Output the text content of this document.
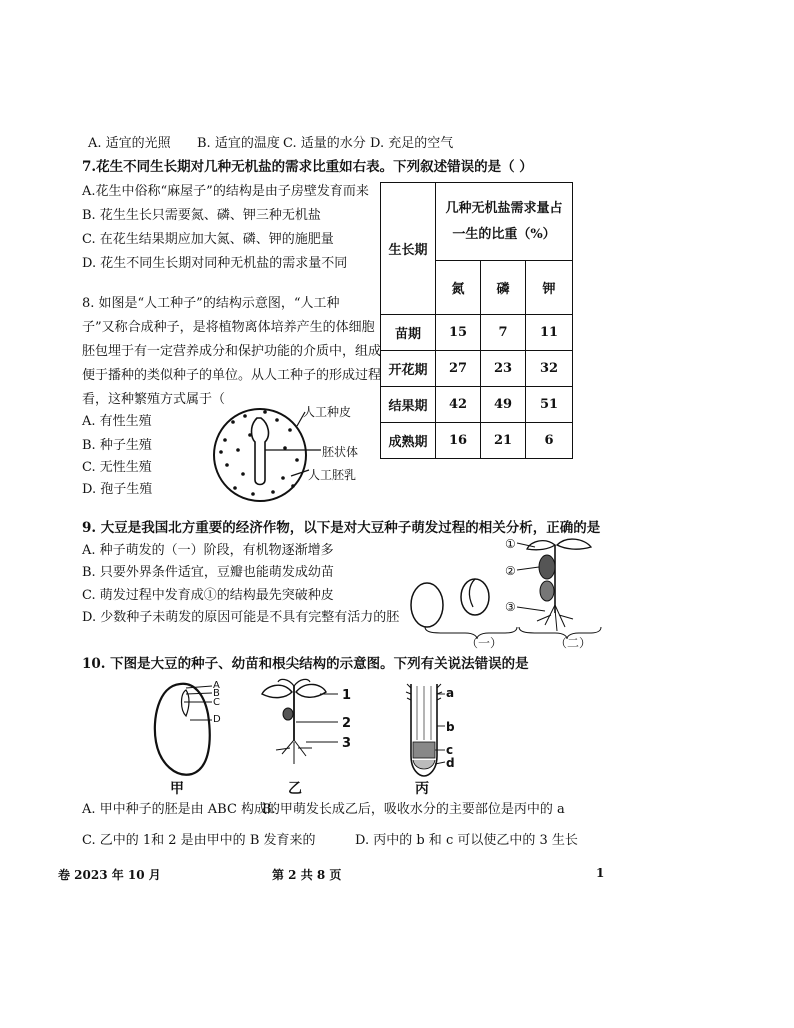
A. 适宜的光照 B. 适宜的温度 C. 适量的水分 D. 充足的空气
7.花生不同生长期对几种无机盐的需求比重如右表。下列叙述错误的是（ ）
A.花生中俗称“麻屋子”的结构是由子房壁发育而来
B. 花生生长只需要氮、磷、钾三种无机盐
C. 在花生结果期应加大氮、磷、钾的施肥量
D. 花生不同生长期对同种无机盐的需求量不同
生长期	几种无机盐需求量占
一生的比重（%）		

	氮	磷	钾
苗期	15	7	11
开花期	27	23	32
结果期	42	49	51
成熟期	16	21	6
8. 如图是“人工种子”的结构示意图，“人工种
子”又称合成种子，是将植物离体培养产生的体细胞
胚包埋于有一定营养成分和保护功能的介质中，组成
便于播种的类似种子的单位。从人工种子的形成过程
看，这种繁殖方式属于（
A. 有性生殖
B. 种子生殖
C. 无性生殖
D. 孢子生殖
人工种皮
胚状体
人工胚乳
9. 大豆是我国北方重要的经济作物，以下是对大豆种子萌发过程的相关分析，正确的是
A. 种子萌发的（一）阶段，有机物逐渐增多
B. 只要外界条件适宜，豆瓣也能萌发成幼苗
C. 萌发过程中发育成①的结构最先突破种皮
D. 少数种子未萌发的原因可能是不具有完整有活力的胚
①
②
③
（一）	（二）
10. 下图是大豆的种子、幼苗和根尖结构的示意图。下列有关说法错误的是
A
B
C
D
1
2
3
a
b
c
d
甲	乙	丙
A. 甲中种子的胚是由 ABC 构成的
B. 甲萌发长成乙后，吸收水分的主要部位是丙中的 a
C. 乙中的 1和 2 是由甲中的 B 发育来的	D. 丙中的 b 和 c 可以使乙中的 3 生长
卷 2023 年 10 月	第 2 共 8 页	1
